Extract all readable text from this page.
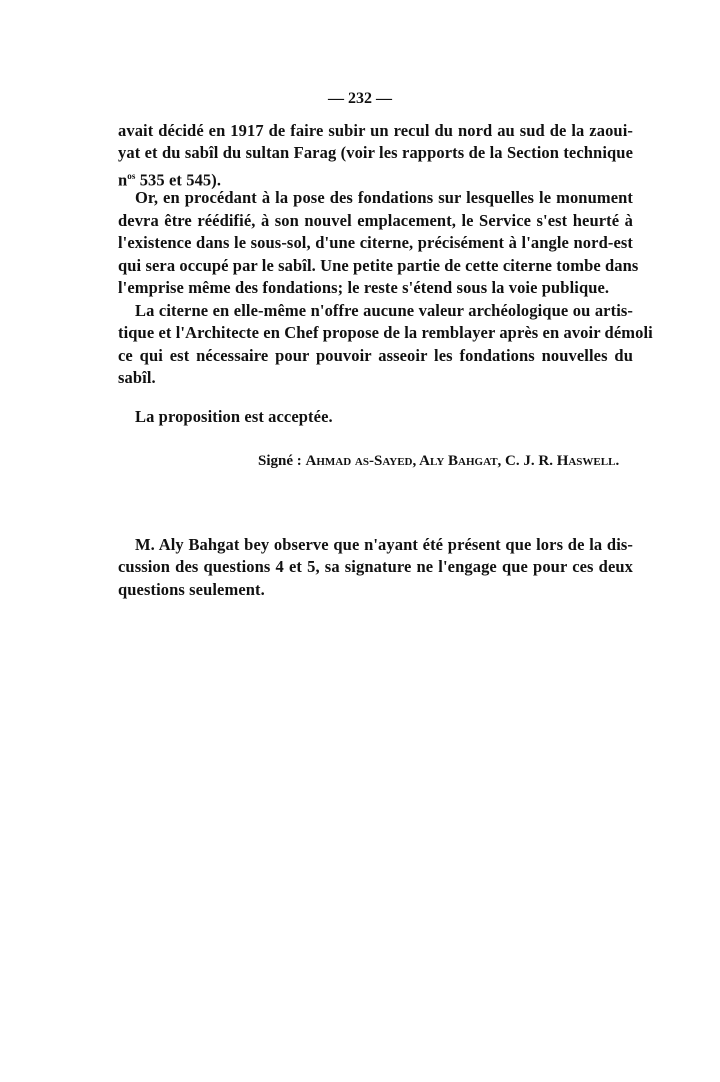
— 232 —
avait décidé en 1917 de faire subir un recul du nord au sud de la zaoui-
yat et du sabîl du sultan Farag (voir les rapports de la Section technique
$n^{os}$ 535 et 545).
Or, en procédant à la pose des fondations sur lesquelles le monument
devra être réédifié, à son nouvel emplacement, le Service s'est heurté à
l'existence dans le sous-sol, d'une citerne, précisément à l'angle nord-est
qui sera occupé par le sabîl. Une petite partie de cette citerne tombe dans
l'emprise même des fondations; le reste s'étend sous la voie publique.
La citerne en elle-même n'offre aucune valeur archéologique ou artis-
tique et l'Architecte en Chef propose de la remblayer après en avoir démoli
ce qui est nécessaire pour pouvoir asseoir les fondations nouvelles du
sabîl.
La proposition est acceptée.
Signé : Ahmad as-Sayed, Aly Bahgat, C. J. R. Haswell.
M. Aly Bahgat bey observe que n'ayant été présent que lors de la dis-
cussion des questions 4 et 5, sa signature ne l'engage que pour ces deux
questions seulement.
